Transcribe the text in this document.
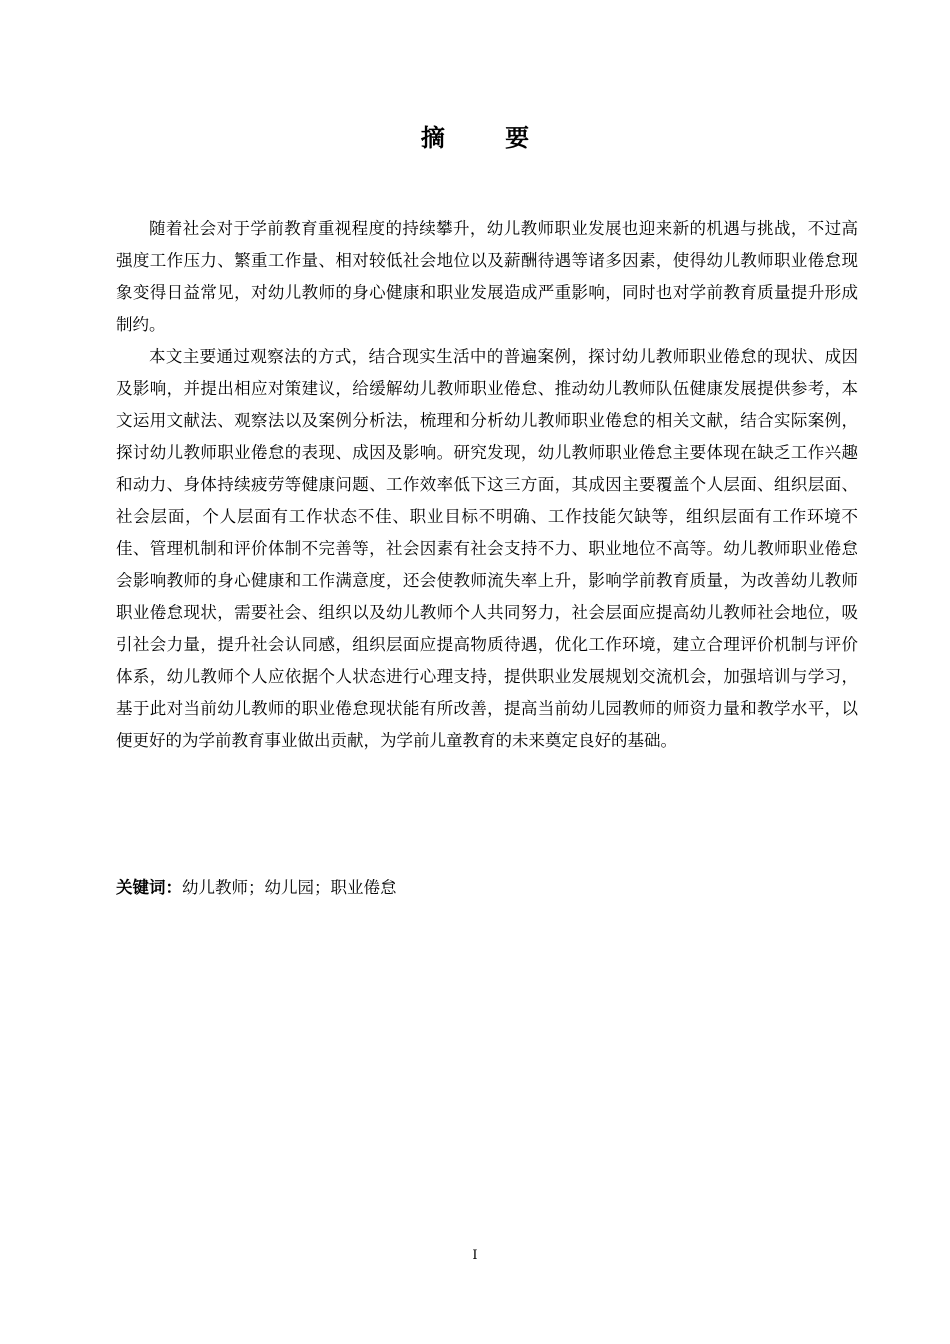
摘 要

随着社会对于学前教育重视程度的持续攀升，幼儿教师职业发展也迎来新的机遇与挑战，不过高强度工作压力、繁重工作量、相对较低社会地位以及薪酬待遇等诸多因素，使得幼儿教师职业倦怠现象变得日益常见，对幼儿教师的身心健康和职业发展造成严重影响，同时也对学前教育质量提升形成制约。

本文主要通过观察法的方式，结合现实生活中的普遍案例，探讨幼儿教师职业倦怠的现状、成因及影响，并提出相应对策建议，给缓解幼儿教师职业倦怠、推动幼儿教师队伍健康发展提供参考，本文运用文献法、观察法以及案例分析法，梳理和分析幼儿教师职业倦怠的相关文献，结合实际案例，探讨幼儿教师职业倦怠的表现、成因及影响。研究发现，幼儿教师职业倦怠主要体现在缺乏工作兴趣和动力、身体持续疲劳等健康问题、工作效率低下这三方面，其成因主要覆盖个人层面、组织层面、社会层面，个人层面有工作状态不佳、职业目标不明确、工作技能欠缺等，组织层面有工作环境不佳、管理机制和评价体制不完善等，社会因素有社会支持不力、职业地位不高等。幼儿教师职业倦怠会影响教师的身心健康和工作满意度，还会使教师流失率上升，影响学前教育质量，为改善幼儿教师职业倦怠现状，需要社会、组织以及幼儿教师个人共同努力，社会层面应提高幼儿教师社会地位，吸引社会力量，提升社会认同感，组织层面应提高物质待遇，优化工作环境，建立合理评价机制与评价体系，幼儿教师个人应依据个人状态进行心理支持，提供职业发展规划交流机会，加强培训与学习，基于此对当前幼儿教师的职业倦怠现状能有所改善，提高当前幼儿园教师的师资力量和教学水平，以便更好的为学前教育事业做出贡献，为学前儿童教育的未来奠定良好的基础。

关键词：幼儿教师；幼儿园；职业倦怠
I
